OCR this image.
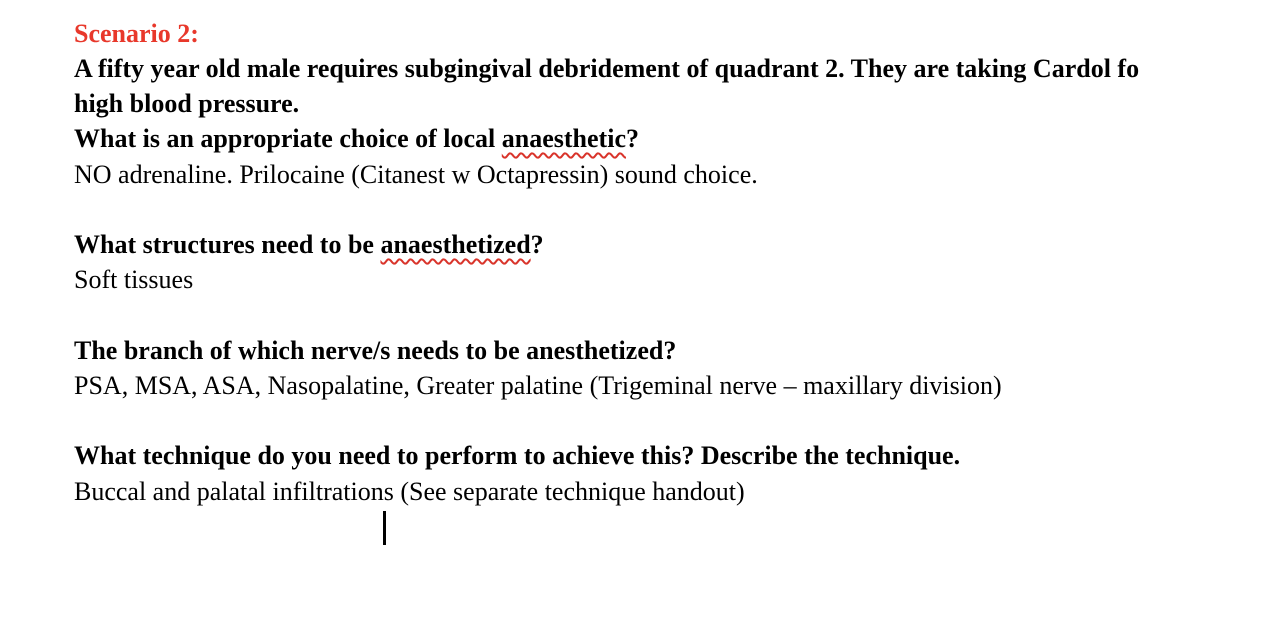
Scenario 2:
A fifty year old male requires subgingival debridement of quadrant 2. They are taking Cardol fo
high blood pressure.
What is an appropriate choice of local anaesthetic?
NO adrenaline. Prilocaine (Citanest w Octapressin) sound choice.
What structures need to be anaesthetized?
Soft tissues
The branch of which nerve/s needs to be anesthetized?
PSA, MSA, ASA, Nasopalatine, Greater palatine (Trigeminal nerve – maxillary division)
What technique do you need to perform to achieve this? Describe the technique.
Buccal and palatal infiltrations (See separate technique handout)
